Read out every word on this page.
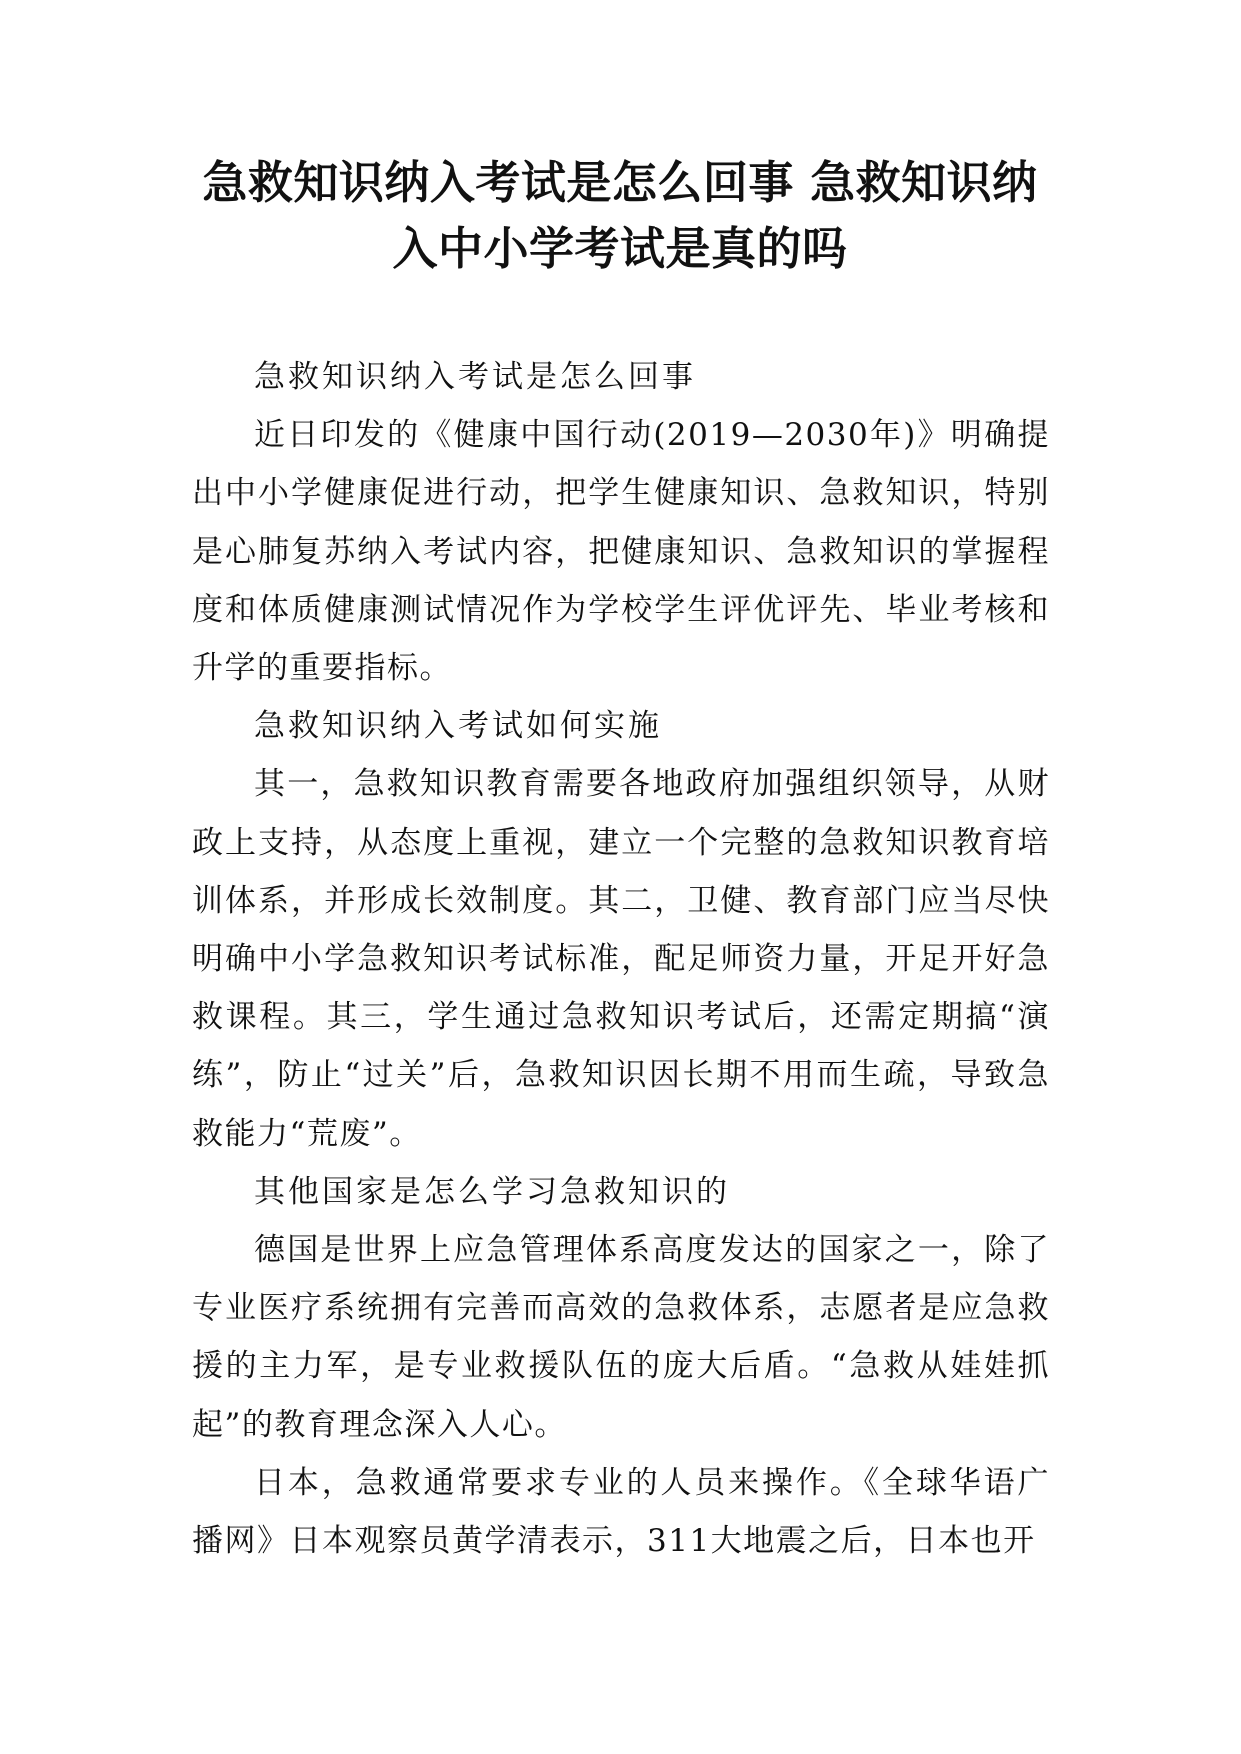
急救知识纳入考试是怎么回事 急救知识纳入中小学考试是真的吗

急救知识纳入考试是怎么回事

近日印发的《健康中国行动(2019—2030年)》明确提出中小学健康促进行动，把学生健康知识、急救知识，特别是心肺复苏纳入考试内容，把健康知识、急救知识的掌握程度和体质健康测试情况作为学校学生评优评先、毕业考核和升学的重要指标。

急救知识纳入考试如何实施

其一，急救知识教育需要各地政府加强组织领导，从财政上支持，从态度上重视，建立一个完整的急救知识教育培训体系，并形成长效制度。其二，卫健、教育部门应当尽快明确中小学急救知识考试标准，配足师资力量，开足开好急救课程。其三，学生通过急救知识考试后，还需定期搞“演练”，防止“过关”后，急救知识因长期不用而生疏，导致急救能力“荒废”。

其他国家是怎么学习急救知识的

德国是世界上应急管理体系高度发达的国家之一，除了专业医疗系统拥有完善而高效的急救体系，志愿者是应急救援的主力军，是专业救援队伍的庞大后盾。“急救从娃娃抓起”的教育理念深入人心。

日本，急救通常要求专业的人员来操作。《全球华语广播网》日本观察员黄学清表示，311大地震之后，日本也开
